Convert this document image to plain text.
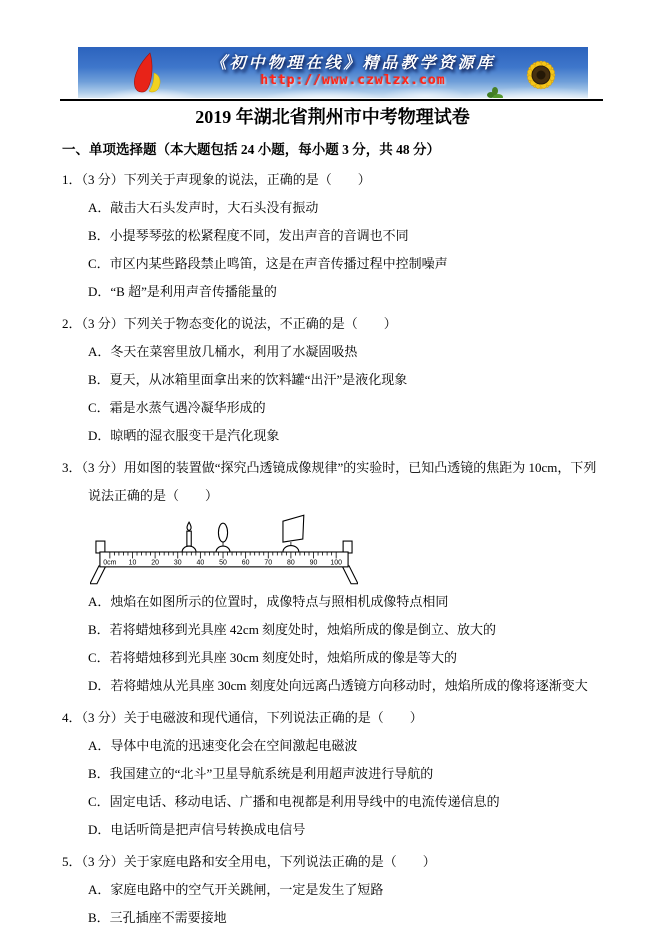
《初中物理在线》精品教学资源库
http://www.czwlzx.com
2019 年湖北省荆州市中考物理试卷
一、单项选择题（本大题包括 24 小题，每小题 3 分，共 48 分）
1．（3 分）下列关于声现象的说法，正确的是（　　）
A．敲击大石头发声时，大石头没有振动
B．小提琴琴弦的松紧程度不同，发出声音的音调也不同
C．市区内某些路段禁止鸣笛，这是在声音传播过程中控制噪声
D．“B 超”是利用声音传播能量的
2．（3 分）下列关于物态变化的说法，不正确的是（　　）
A．冬天在菜窖里放几桶水，利用了水凝固吸热
B．夏天，从冰箱里面拿出来的饮料罐“出汗”是液化现象
C．霜是水蒸气遇冷凝华形成的
D．晾晒的湿衣服变干是汽化现象
3．（3 分）用如图的装置做“探究凸透镜成像规律”的实验时，已知凸透镜的焦距为 10cm，下列说法正确的是（　　）
0cm 10 20 30 40 50 60 70 80 90 100
A．烛焰在如图所示的位置时，成像特点与照相机成像特点相同
B．若将蜡烛移到光具座 42cm 刻度处时，烛焰所成的像是倒立、放大的
C．若将蜡烛移到光具座 30cm 刻度处时，烛焰所成的像是等大的
D．若将蜡烛从光具座 30cm 刻度处向远离凸透镜方向移动时，烛焰所成的像将逐渐变大
4．（3 分）关于电磁波和现代通信，下列说法正确的是（　　）
A．导体中电流的迅速变化会在空间激起电磁波
B．我国建立的“北斗”卫星导航系统是利用超声波进行导航的
C．固定电话、移动电话、广播和电视都是利用导线中的电流传递信息的
D．电话听筒是把声信号转换成电信号
5．（3 分）关于家庭电路和安全用电，下列说法正确的是（　　）
A．家庭电路中的空气开关跳闸，一定是发生了短路
B．三孔插座不需要接地
